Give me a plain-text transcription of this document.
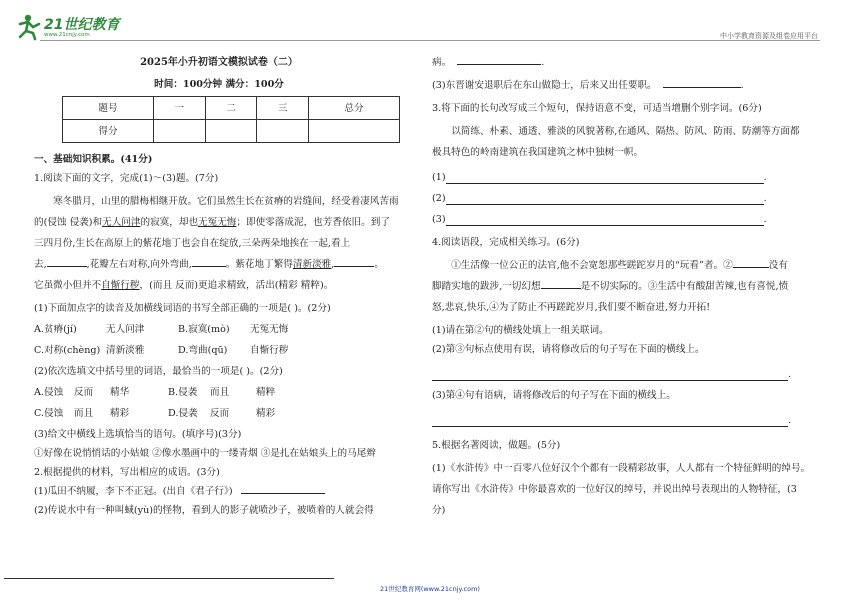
21世纪教育
www.21cnjy.com	中小学教育资源及组卷应用平台
2025年小升初语文模拟试卷（二）
时间：100分钟 满分：100分
题号	一	二	三	总分
得分				
一、基础知识积累。(41分)

1.阅读下面的文字，完成(1)～(3)题。(7分)

寒冬腊月，山里的腊梅相继开放。它们虽然生长在贫瘠的岩缝间，经受着凄风苦雨

的(侵蚀 侵袭)和无人问津的寂寞，却也无冤无悔；即使零落成泥，也芳香依旧。到了

三四月份,生长在高原上的紫花地丁也会自在绽放,三朵两朵地挨在一起,看上

去,	,花瓣左右对称,向外弯曲,	。紫花地丁繁得清新淡雅,	。

它虽微小但并不自惭行秽，(而且 反而)更追求精致，活出(精彩 精粹)。

(1)下面加点字的读音及加横线词语的书写全部正确的一项是( )。(2分)

A.贫瘠(jí)	无人问津	B.寂寞(mò)	无冤无悔
C.对称(chèng) 清新淡雅	D.弯曲(qū)	自惭行秽

(2)依次选填文中括号里的词语，最恰当的一项是( )。(2分)

A.侵蚀	反而	精华	B.侵袭	而且	精粹
C.侵蚀	而且	精彩	D.侵袭	反而	精彩

(3)给文中横线上选填恰当的语句。(填序号)(3分)

①好像在说悄悄话的小姑娘 ②像水墨画中的一缕青烟 ③是扎在姑娘头上的马尾辫

2.根据提供的材料，写出相应的成语。(3分)

(1)瓜田不纳履，李下不正冠。(出自《君子行》)

(2)传说水中有一种叫蜮(yù)的怪物，看到人的影子就喷沙子，被喷着的人就会得

病。	.

(3)东晋谢安退职后在东山做隐士，后来又出任要职。	.

3.将下面的长句改写成三个短句，保持语意不变，可适当增删个别字词。(6分)

以简练、朴素、通透、雅淡的风貌著称,在通风、隔热、防风、防雨、防潮等方面都

极具特色的岭南建筑在我国建筑之林中独树一帜。

(1)	.
(2)	.
(3)	.

4.阅读语段，完成相关练习。(6分)

①生活像一位公正的法官,他不会宽恕那些蹉跎岁月的“玩看”者。②	没有

脚踏实地的跋涉,一切幻想	是不切实际的。③生活中有酸甜苦辣,也有喜悦,愤

怒,悲哀,快乐,④为了防止不再蹉跎岁月,我们要不断奋进,努力开拓!

(1)请在第②句的横线处填上一组关联词。

(2)第③句标点使用有误，请将修改后的句子写在下面的横线上。

.

(3)第④句有语病，请将修改后的句子写在下面的横线上。

.

5.根据名著阅读，做题。(5分)

(1)《水浒传》中一百零八位好汉个个都有一段精彩故事，人人都有一个特征鲜明的绰号。

请你写出《水浒传》中你最喜欢的一位好汉的绰号，并说出绰号表现出的人物特征，(3

分)

21世纪教育网(www.21cnjy.com)
